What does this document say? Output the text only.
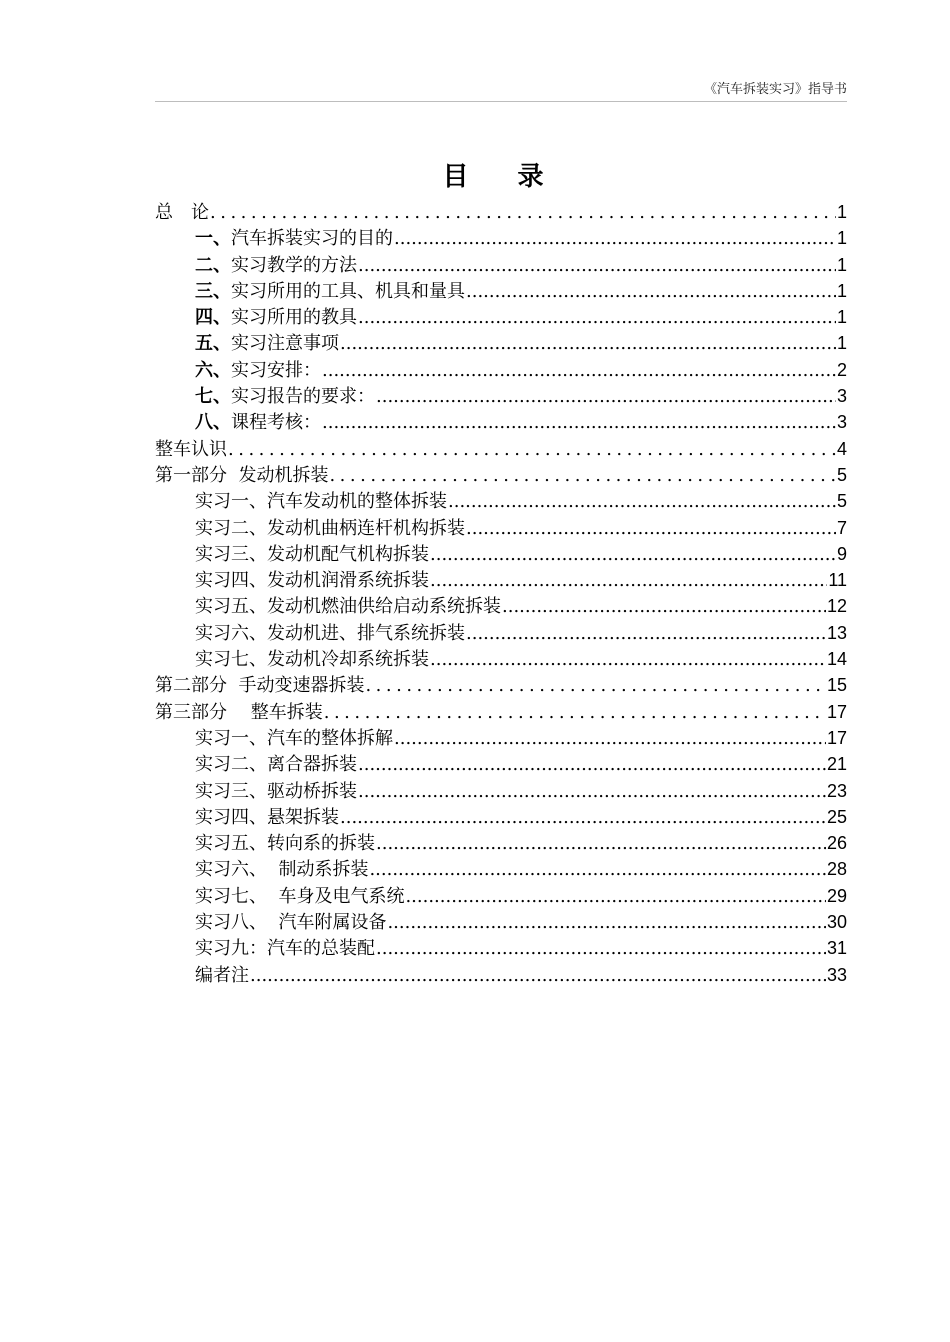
《汽车拆装实习》指导书
目 录
总　论 .....	1
一、 汽车拆装实习的目的 .....	1
二、 实习教学的方法 .....	1
三、 实习所用的工具、机具和量具 .....	1
四、 实习所用的教具 .....	1
五、 实习注意事项 .....	1
六、 实习安排： .....	2
七、 实习报告的要求： .....	3
八、 课程考核： .....	3
整车认识 .....	4
第一部分  发动机拆装 .....	5
实习一、汽车发动机的整体拆装 .....	5
实习二、发动机曲柄连杆机构拆装 .....	7
实习三、发动机配气机构拆装 .....	9
实习四、发动机润滑系统拆装 .....	11
实习五、发动机燃油供给启动系统拆装 .....	12
实习六、发动机进、排气系统拆装 .....	13
实习七、发动机冷却系统拆装 .....	14
第二部分  手动变速器拆装 .....	15
第三部分　 整车拆装 .....	17
实习一、汽车的整体拆解 .....	17
实习二、离合器拆装 .....	21
实习三、驱动桥拆装 .....	23
实习四、悬架拆装 .....	25
实习五、转向系的拆装 .....	26
实习六、  制动系拆装 .....	28
实习七、  车身及电气系统 .....	29
实习八、  汽车附属设备 .....	30
实习九：汽车的总装配 .....	31
编者注 .....	33
